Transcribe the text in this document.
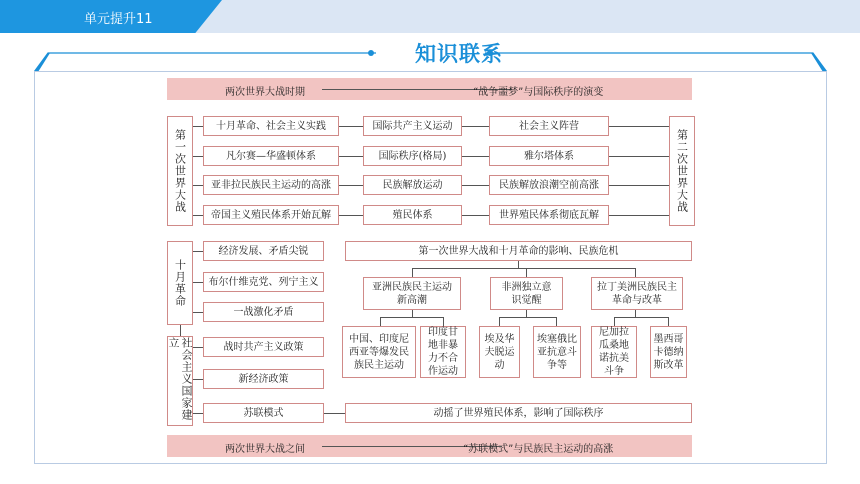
单元提升11
知识联系
两次世界大战时期	“战争噩梦”与国际秩序的演变
第一次世界大战	第二次世界大战
十月革命、社会主义实践	国际共产主义运动	社会主义阵营
凡尔赛—华盛顿体系	国际秩序(格局)	雅尔塔体系
亚非拉民族民主运动的高涨	民族解放运动	民族解放浪潮空前高涨
帝国主义殖民体系开始瓦解	殖民体系	世界殖民体系彻底瓦解
十月革命
经济发展、矛盾尖锐
布尔什维克党、列宁主义
一战激化矛盾
社会主义国家建立	战时共产主义政策
新经济政策
苏联模式
第一次世界大战和十月革命的影响、民族危机
亚洲民族民主运动新高潮
非洲独立意识觉醒
拉丁美洲民族民主革命与改革
中国、印度尼西亚等爆发民族民主运动
印度甘地非暴力不合作运动
埃及华夫脱运动
埃塞俄比亚抗意斗争等
尼加拉瓜桑地诺抗美斗争
墨西哥卡德纳斯改革
动摇了世界殖民体系，影响了国际秩序
两次世界大战之间	“苏联模式”与民族民主运动的高涨
